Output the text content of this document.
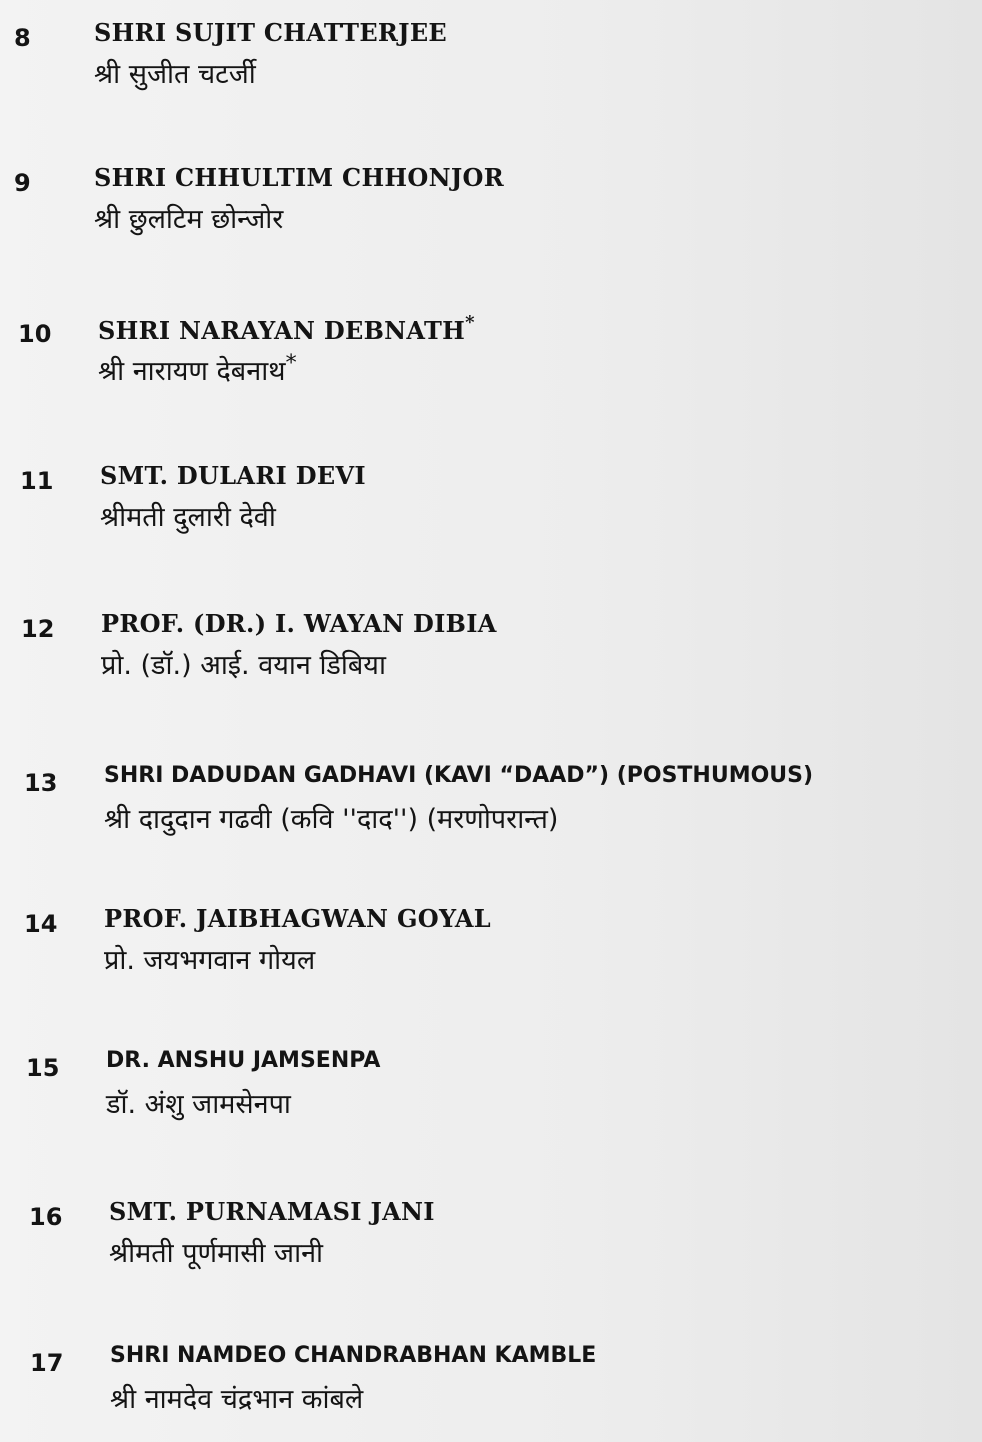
8	SHRI SUJIT CHATTERJEE
श्री सुजीत चटर्जी
9	SHRI CHHULTIM CHHONJOR
श्री छुलटिम छोन्जोर
10 SHRI NARAYAN DEBNATH*
श्री नारायण देबनाथ*
11 SMT. DULARI DEVI
श्रीमती दुलारी देवी
12 PROF. (DR.) I. WAYAN DIBIA
प्रो. (डॉ.) आई. वयान डिबिया
13 SHRI DADUDAN GADHAVI (KAVI “DAAD”) (POSTHUMOUS)
श्री दादुदान गढवी (कवि ''दाद'') (मरणोपरान्त)
14 PROF. JAIBHAGWAN GOYAL
प्रो. जयभगवान गोयल
15 DR. ANSHU JAMSENPA
डॉ. अंशु जामसेनपा
16 SMT. PURNAMASI JANI
श्रीमती पूर्णमासी जानी
17 SHRI NAMDEO CHANDRABHAN KAMBLE
श्री नामदेव चंद्रभान कांबले
